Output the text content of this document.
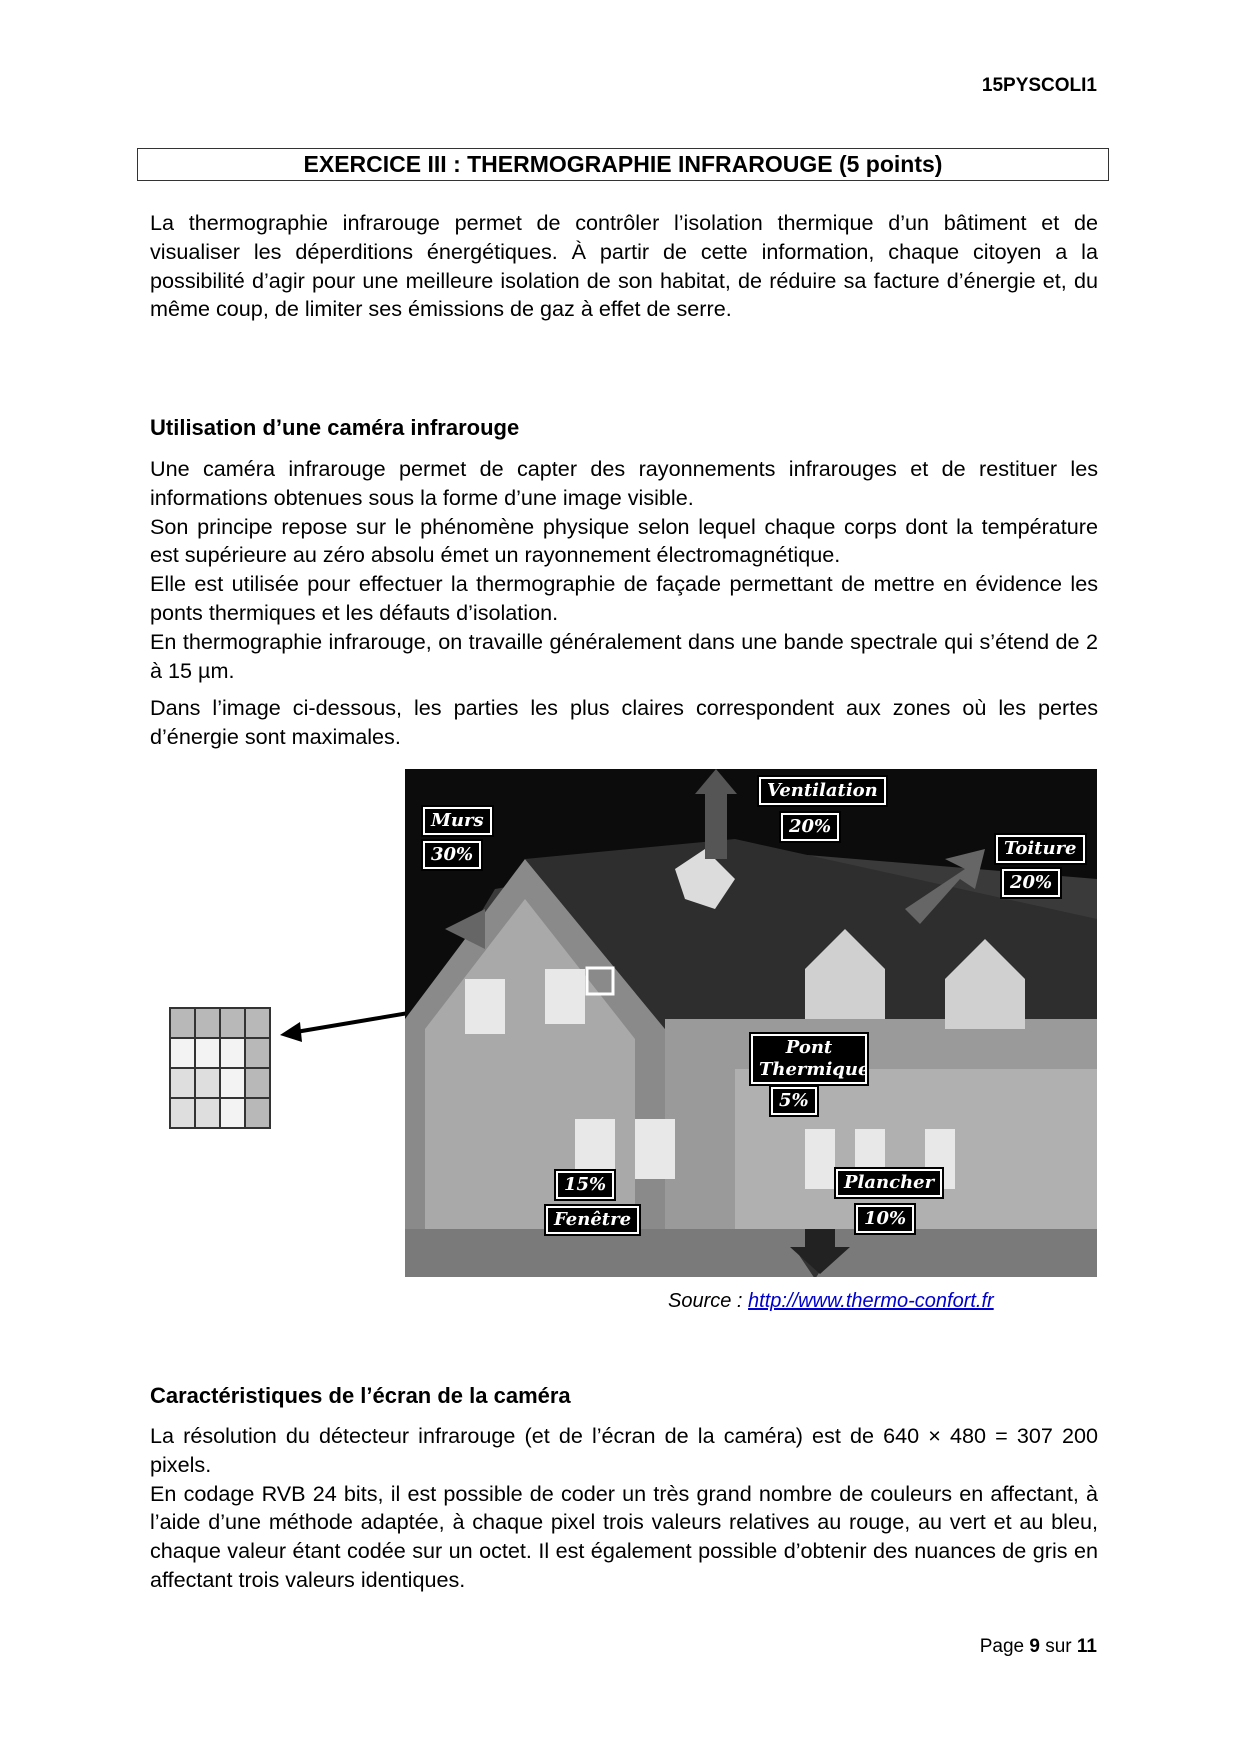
15PYSCOLI1
EXERCICE III : THERMOGRAPHIE INFRAROUGE (5 points)

La thermographie infrarouge permet de contrôler l’isolation thermique d’un bâtiment et de visualiser les déperditions énergétiques. À partir de cette information, chaque citoyen a la possibilité d’agir pour une meilleure isolation de son habitat, de réduire sa facture d’énergie et, du même coup, de limiter ses émissions de gaz à effet de serre.

Utilisation d’une caméra infrarouge

Une caméra infrarouge permet de capter des rayonnements infrarouges et de restituer les informations obtenues sous la forme d’une image visible.

Son principe repose sur le phénomène physique selon lequel chaque corps dont la température est supérieure au zéro absolu émet un rayonnement électromagnétique.

Elle est utilisée pour effectuer la thermographie de façade permettant de mettre en évidence les ponts thermiques et les défauts d’isolation.

En thermographie infrarouge, on travaille généralement dans une bande spectrale qui s’étend de 2 à 15 µm.

Dans l’image ci-dessous, les parties les plus claires correspondent aux zones où les pertes d’énergie sont maximales.

Murs
30%
Ventilation
20%
Toiture
20%
Pont Thermique
5%
15%
Fenêtre
Plancher
10%
Source : http://www.thermo-confort.fr
Caractéristiques de l’écran de la caméra

La résolution du détecteur infrarouge (et de l’écran de la caméra) est de 640 × 480 = 307 200 pixels.

En codage RVB 24 bits, il est possible de coder un très grand nombre de couleurs en affectant, à l’aide d’une méthode adaptée, à chaque pixel trois valeurs relatives au rouge, au vert et au bleu, chaque valeur étant codée sur un octet. Il est également possible d’obtenir des nuances de gris en affectant trois valeurs identiques.

Page 9 sur 11
